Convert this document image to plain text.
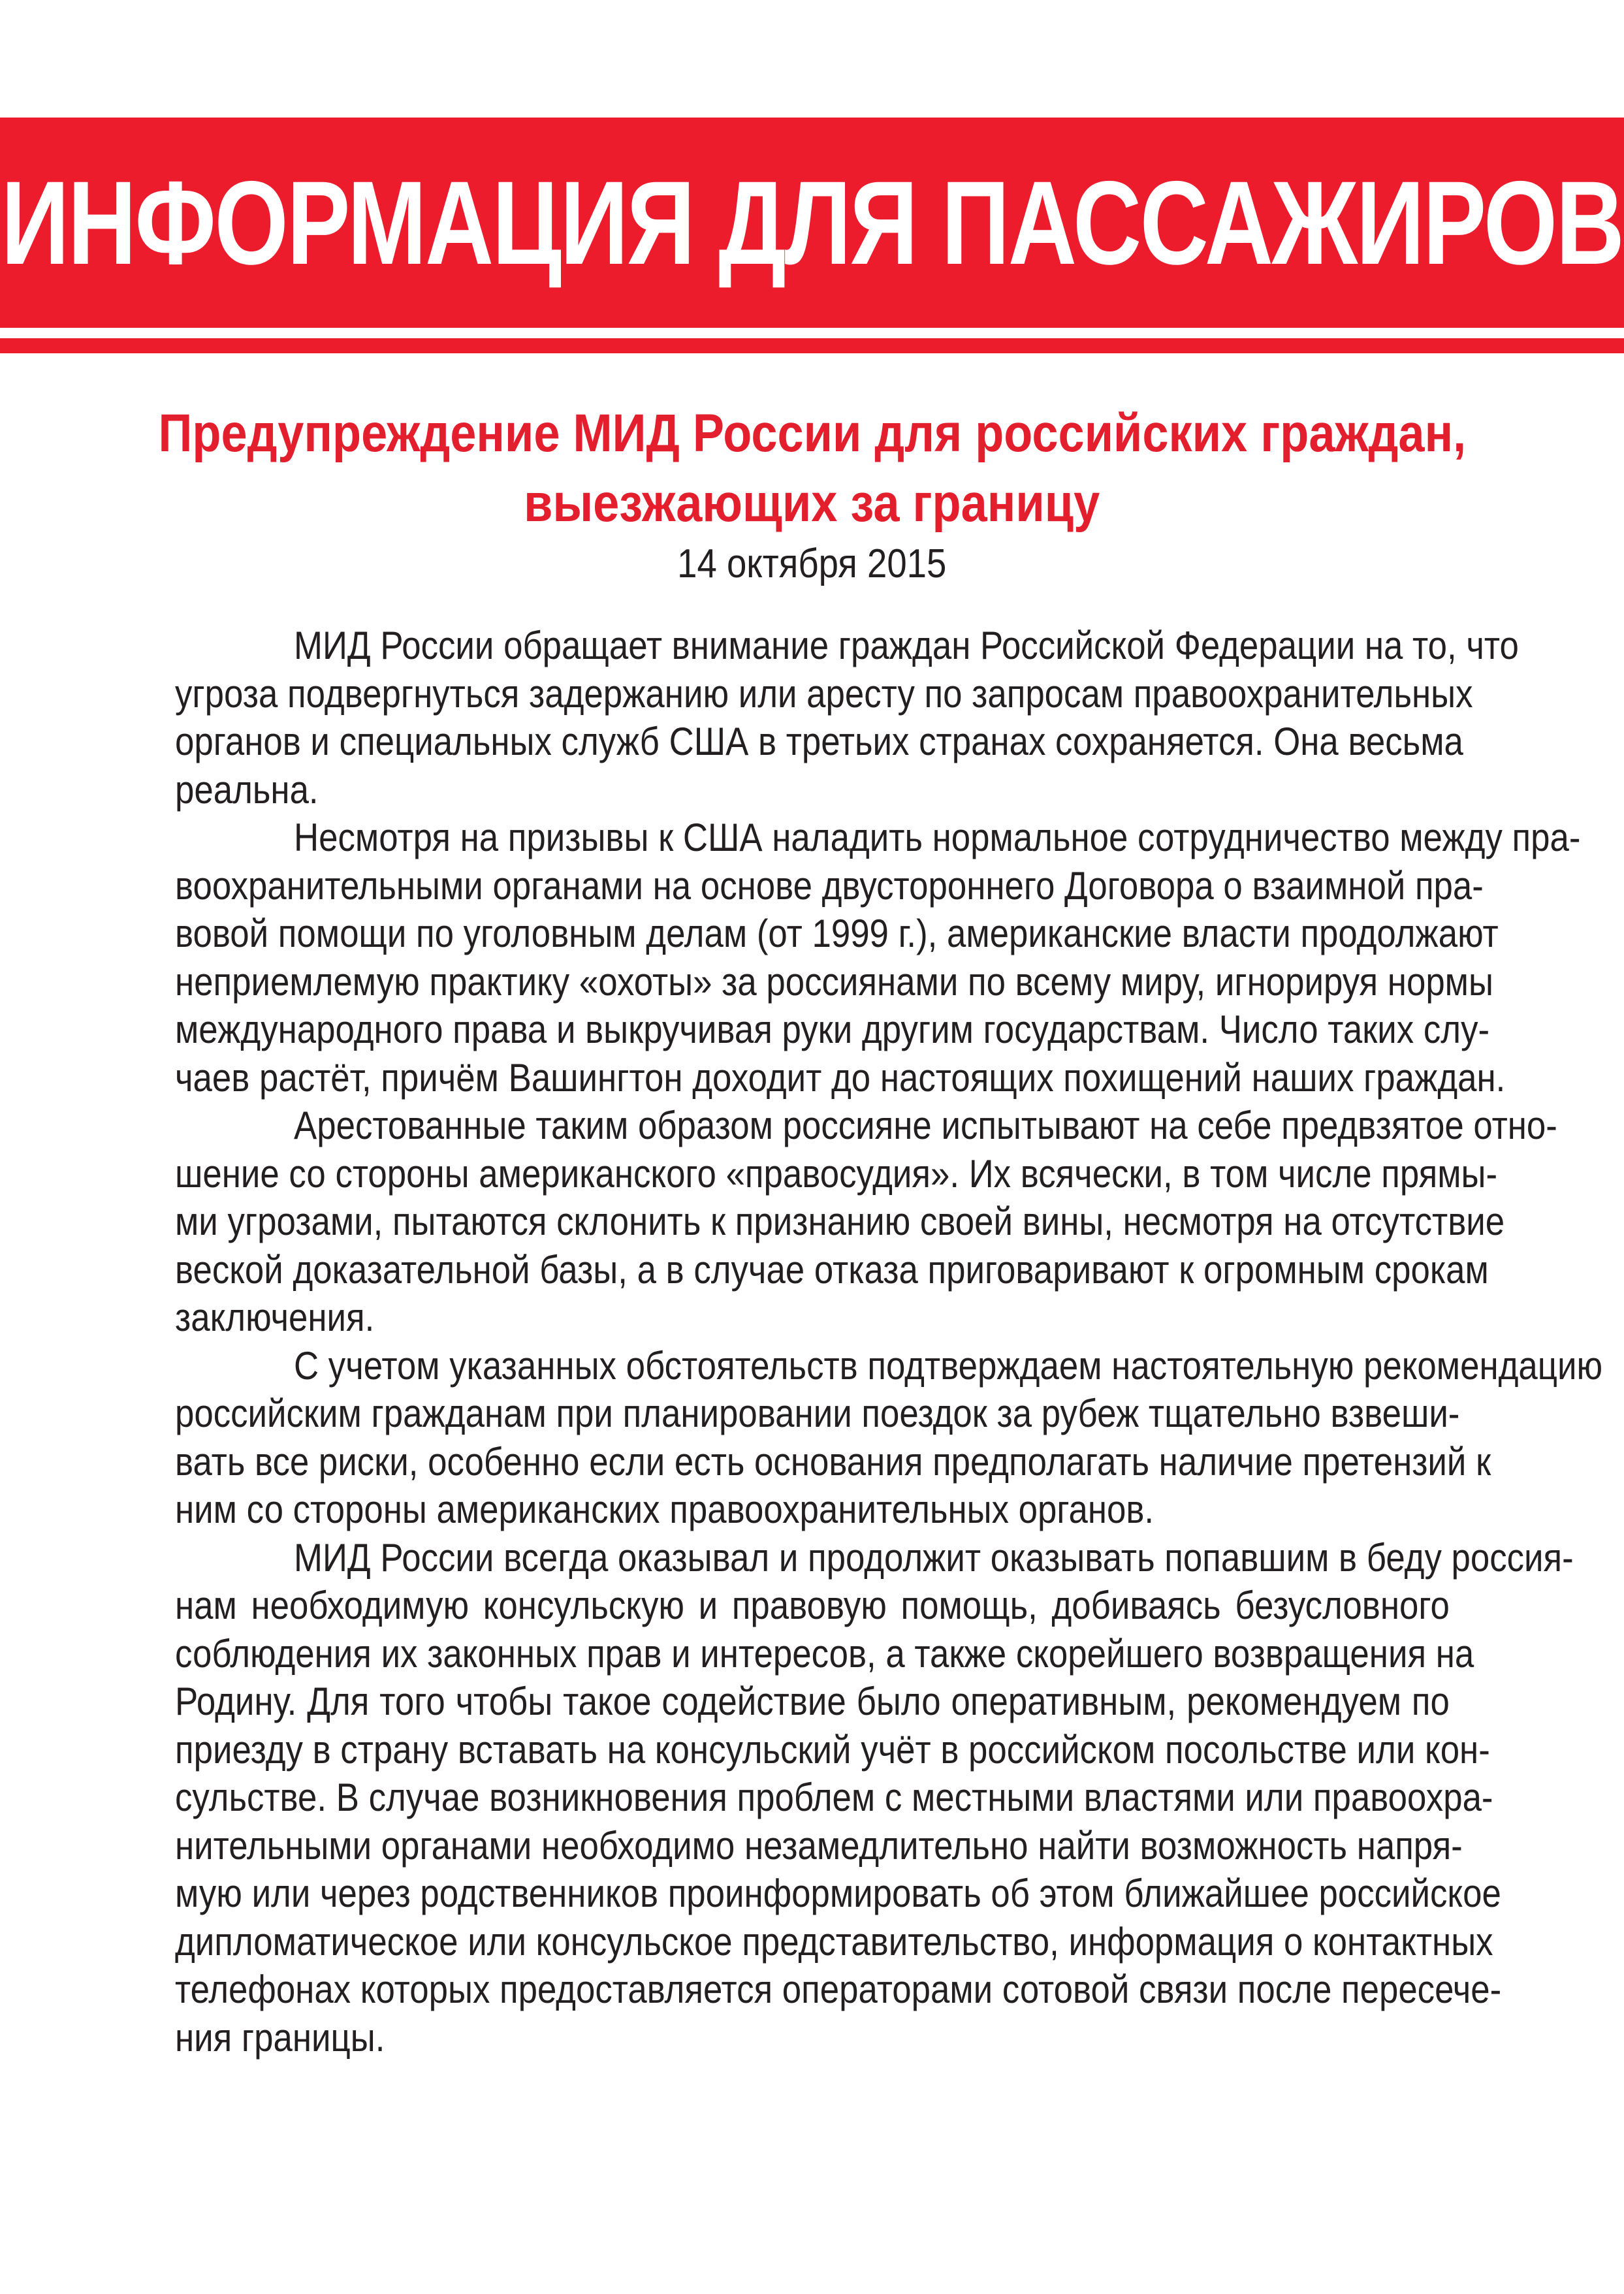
ИНФОРМАЦИЯ ДЛЯ ПАССАЖИРОВ
Предупреждение МИД России для российских граждан,
выезжающих за границу
14 октября 2015
МИД России обращает внимание граждан Российской Федерации на то, что
угроза подвергнуться задержанию или аресту по запросам правоохранительных
органов и специальных служб США в третьих странах сохраняется. Она весьма
реальна.
Несмотря на призывы к США наладить нормальное сотрудничество между пра-
воохранительными органами на основе двустороннего Договора о взаимной пра-
вовой помощи по уголовным делам (от 1999 г.), американские власти продолжают
неприемлемую практику «охоты» за россиянами по всему миру, игнорируя нормы
международного права и выкручивая руки другим государствам. Число таких слу-
чаев растёт, причём Вашингтон доходит до настоящих похищений наших граждан.
Арестованные таким образом россияне испытывают на себе предвзятое отно-
шение со стороны американского «правосудия». Их всячески, в том числе прямы-
ми угрозами, пытаются склонить к признанию своей вины, несмотря на отсутствие
веской доказательной базы, а в случае отказа приговаривают к огромным срокам
заключения.
С учетом указанных обстоятельств подтверждаем настоятельную рекомендацию
российским гражданам при планировании поездок за рубеж тщательно взвеши-
вать все риски, особенно если есть основания предполагать наличие претензий к
ним со стороны американских правоохранительных органов.
МИД России всегда оказывал и продолжит оказывать попавшим в беду россия-
нам необходимую консульскую и правовую помощь, добиваясь безусловного
соблюдения их законных прав и интересов, а также скорейшего возвращения на
Родину. Для того чтобы такое содействие было оперативным, рекомендуем по
приезду в страну вставать на консульский учёт в российском посольстве или кон-
сульстве. В случае возникновения проблем с местными властями или правоохра-
нительными органами необходимо незамедлительно найти возможность напря-
мую или через родственников проинформировать об этом ближайшее российское
дипломатическое или консульское представительство, информация о контактных
телефонах которых предоставляется операторами сотовой связи после пересече-
ния границы.
